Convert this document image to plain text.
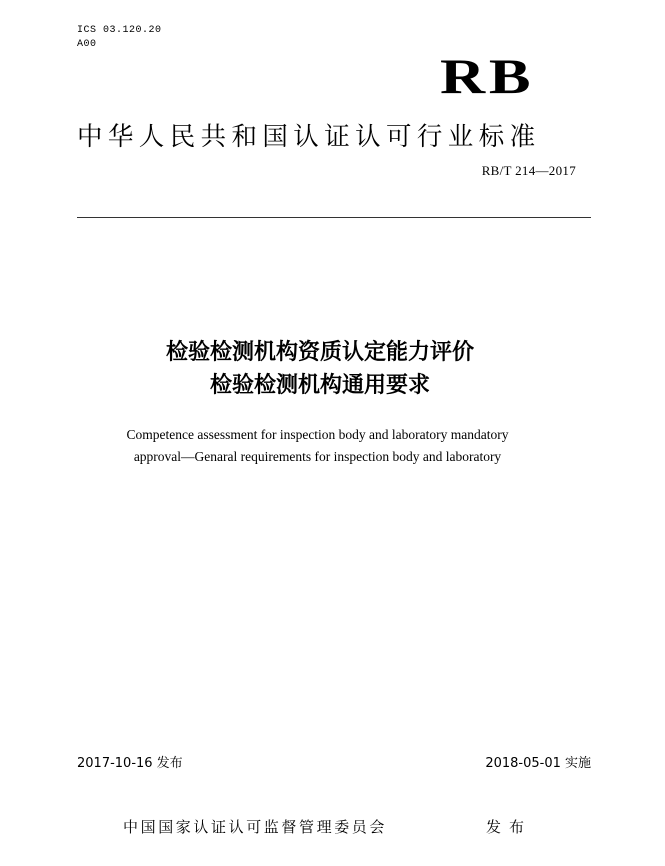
ICS 03.120.20
A00
RB
中华人民共和国认证认可行业标准
RB/T 214—2017
检验检测机构资质认定能力评价
检验检测机构通用要求
Competence assessment for inspection body and laboratory mandatory
approval—Genaral requirements for inspection body and laboratory
2017-10-16 发布	2018-05-01 实施
中国国家认证认可监督管理委员会	发布
